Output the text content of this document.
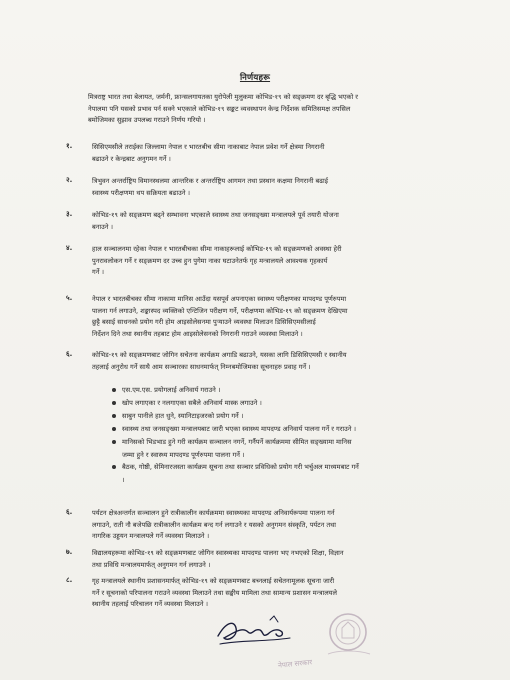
निर्णयहरू
मित्रराष्ट्र भारत तथा बेलायत, जर्मनी, फ्रान्सलगायतका युरोपेली मुलुकमा कोभिड-१९ को सङ्क्रमण दर बृद्धि भएको र
नेपालमा पनि यसको प्रभाव पर्न सक्ने भएकाले कोभिड-१९ सङ्कट व्यवस्थापन केन्द्र निर्देशक समितिसमक्ष तपसिल
बमोजिमका सुझाव उपलब्ध गराउने निर्णय गरियो ।
१.	सिसिएमसीले तराईका जिल्लामा नेपाल र भारतबीच सीमा नाकाबाट नेपाल प्रवेश गर्ने क्षेत्रमा निगरानी
बढाउने र केन्द्रबाट अनुगमन गर्ने ।
२.	त्रिभुवन अन्तर्राष्ट्रिय विमानस्थलमा आन्तरिक र अन्तर्राष्ट्रिय आगमन तथा प्रस्थान कक्षमा निगरानी बढाई
स्वास्थ्य परीक्षणमा थप सक्रियता बढाउने ।
३.	कोभिड-१९ को सङ्क्रमण बढ्ने सम्भावना भएकाले स्वास्थ्य तथा जनसङ्ख्या मन्त्रालयले पूर्व तयारी योजना
बनाउने ।
४.	हाल सञ्चालनमा रहेका नेपाल र भारतबीचका सीमा नाकाहरूलाई कोभिड-१९ को सङ्क्रमणको अवस्था हेरी
पुनरावलोकन गर्ने र सङ्क्रमण दर उच्च हुन पुगेमा नाका घटाउनेतर्फ गृह मन्त्रालयले आवश्यक गृहकार्य
गर्ने ।
५.	नेपाल र भारतबीचका सीमा नाकामा मानिस आउँदा यसपूर्व अपनाएका स्वास्थ्य परीक्षणका मापदण्ड पूर्णरुपमा
पालना गर्न लगाउने, शङ्कास्पद व्यक्तिको एन्टिजिन परीक्षण गर्ने, परीक्षणमा कोभिड-१९ को सङ्क्रमण देखिएमा
छुट्टै बसाई साधनको प्रयोग गरी होम आइसोलेसनमा पुऱ्याउने व्यवस्था मिलाउन डिसिसिएमसीलाई
निर्देशन दिने तथा स्थानीय तहबाट होम आइसोलेसनको निगरानी गराउने व्यवस्था मिलाउने ।
६.	कोभिड-१९ को सङ्क्रमणबाट जोगिन सचेतना कार्यक्रम अगाडि बढाउने, यसका लागि डिसिसिएमसी र स्थानीय
तहलाई अनुरोध गर्ने साथै आम सञ्चारका साधनमार्फत् निम्नबमोजिमका सूचनाहरु प्रवाह गर्ने ।
एस.एम.एस. प्रयोगलाई अनिवार्य गराउने ।
खोप लगाएका र नलगाएका सबैले अनिवार्य मास्क लगाउने ।
साबुन पानीले हात धुने, स्यानिटाइजरको प्रयोग गर्ने ।
स्वास्थ्य तथा जनसङ्ख्या मन्त्रालयबाट जारी भएका स्वास्थ्य मापदण्ड अनिवार्य पालना गर्ने र गराउने ।
मानिसको भिडभाड हुने गरी कार्यक्रम सञ्चालन नगर्ने, गर्नैपर्ने कार्यक्रममा सीमित सङ्ख्यामा मानिस
जम्मा हुने र स्वास्थ्य मापदण्ड पूर्णरुपमा पालना गर्ने ।
बैठक, गोष्ठी, सेमिनारजस्ता कार्यक्रम सूचना तथा सञ्चार प्रविधिको प्रयोग गरी भर्चुअल माध्यमबाट गर्ने
।
६.	पर्यटन क्षेत्रअन्तर्गत सञ्चालन हुने रात्रीकालीन कार्यक्रममा स्वास्थ्यका मापदण्ड अनिवार्यरूपमा पालना गर्न
लगाउने, राती नौ बजेपछि रात्रीकालीन कार्यक्रम बन्द गर्न लगाउने र यसको अनुगमन संस्कृति, पर्यटन तथा
नागरिक उड्डयन मन्त्रालयले गर्ने व्यवस्था मिलाउने ।
७.	विद्यालयहरूमा कोभिड-१९ को सङ्क्रमणबाट जोगिन स्वास्थ्यका मापदण्ड पालना भए नभएको शिक्षा, विज्ञान
तथा प्रविधि मन्त्रालयमार्फत् अनुगमन गर्न लगाउने ।
८.	गृह मन्त्रालयले स्थानीय प्रशासनमार्फत् कोभिड-१९ को सङ्क्रमणबाट बच्नलाई सचेतनामूलक सूचना जारी
गर्ने र सूचनाको परिपालना गराउने व्यवस्था मिलाउने तथा सङ्घीय मामिला तथा सामान्य प्रशासन मन्त्रालयले
स्थानीय तहलाई परिचालन गर्ने व्यवस्था मिलाउने ।
नेपाल सरकार
